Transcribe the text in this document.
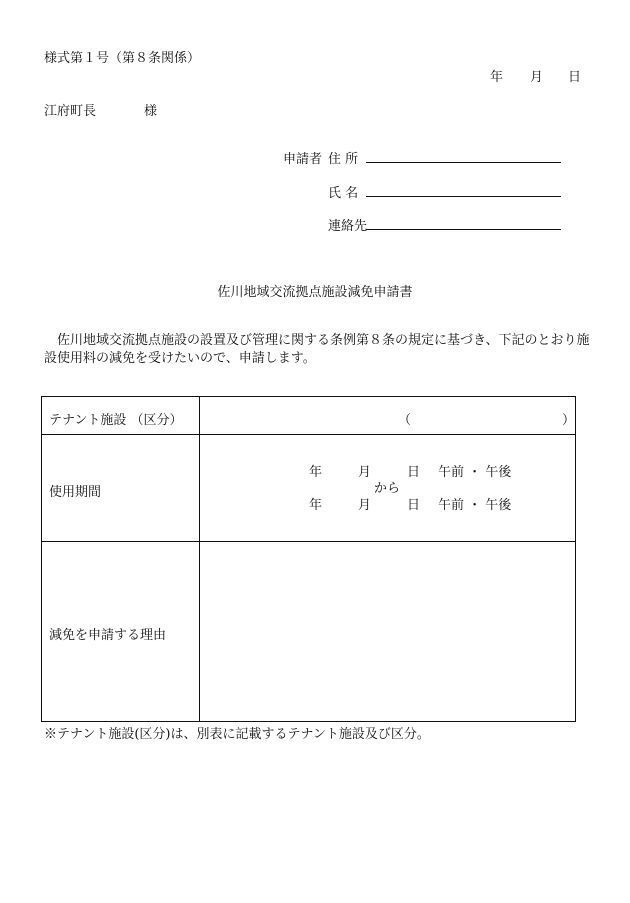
様式第１号（第８条関係）
年 月 日
江府町長	様
申請者 住 所
氏 名
連絡先
佐川地域交流拠点施設減免申請書
佐川地域交流拠点施設の設置及び管理に関する条例第８条の規定に基づき、下記のとおり施
設使用料の減免を受けたいので、申請します。
テナント施設 （区分）	（	）
使用期間
年	月	日 午前 ・ 午後
から
年	月	日 午前 ・ 午後
減免を申請する理由
※テナント施設(区分)は、別表に記載するテナント施設及び区分。
